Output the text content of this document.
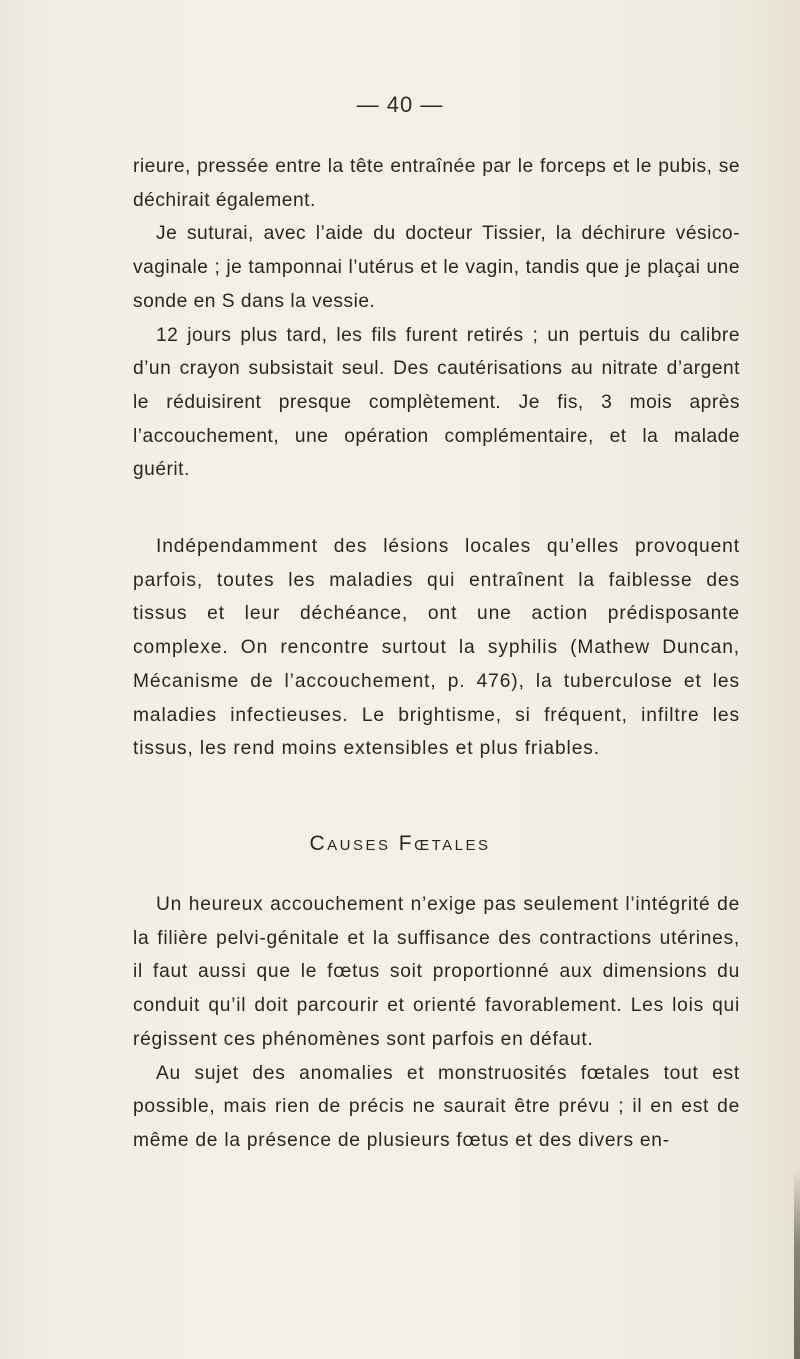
— 40 —

rieure, pressée entre la tête entraînée par le forceps et le pubis, se déchirait également.

Je suturai, avec l’aide du docteur Tissier, la déchirure vésico-vaginale ; je tamponnai l’utérus et le vagin, tandis que je plaçai une sonde en S dans la vessie.

12 jours plus tard, les fils furent retirés ; un pertuis du calibre d’un crayon subsistait seul. Des cautérisations au nitrate d’argent le réduisirent presque complètement. Je fis, 3 mois après l’accouchement, une opération complémentaire, et la malade guérit.

Indépendamment des lésions locales qu’elles provoquent parfois, toutes les maladies qui entraînent la faiblesse des tissus et leur déchéance, ont une action prédisposante complexe. On rencontre surtout la syphilis (Mathew Duncan, Mécanisme de l’accouchement, p. 476), la tuberculose et les maladies infectieuses. Le brightisme, si fréquent, infiltre les tissus, les rend moins extensibles et plus friables.

Causes Fœtales

Un heureux accouchement n’exige pas seulement l’intégrité de la filière pelvi-génitale et la suffisance des contractions utérines, il faut aussi que le fœtus soit proportionné aux dimensions du conduit qu’il doit parcourir et orienté favorablement. Les lois qui régissent ces phénomènes sont parfois en défaut.

Au sujet des anomalies et monstruosités fœtales tout est possible, mais rien de précis ne saurait être prévu ; il en est de même de la présence de plusieurs fœtus et des divers en-
